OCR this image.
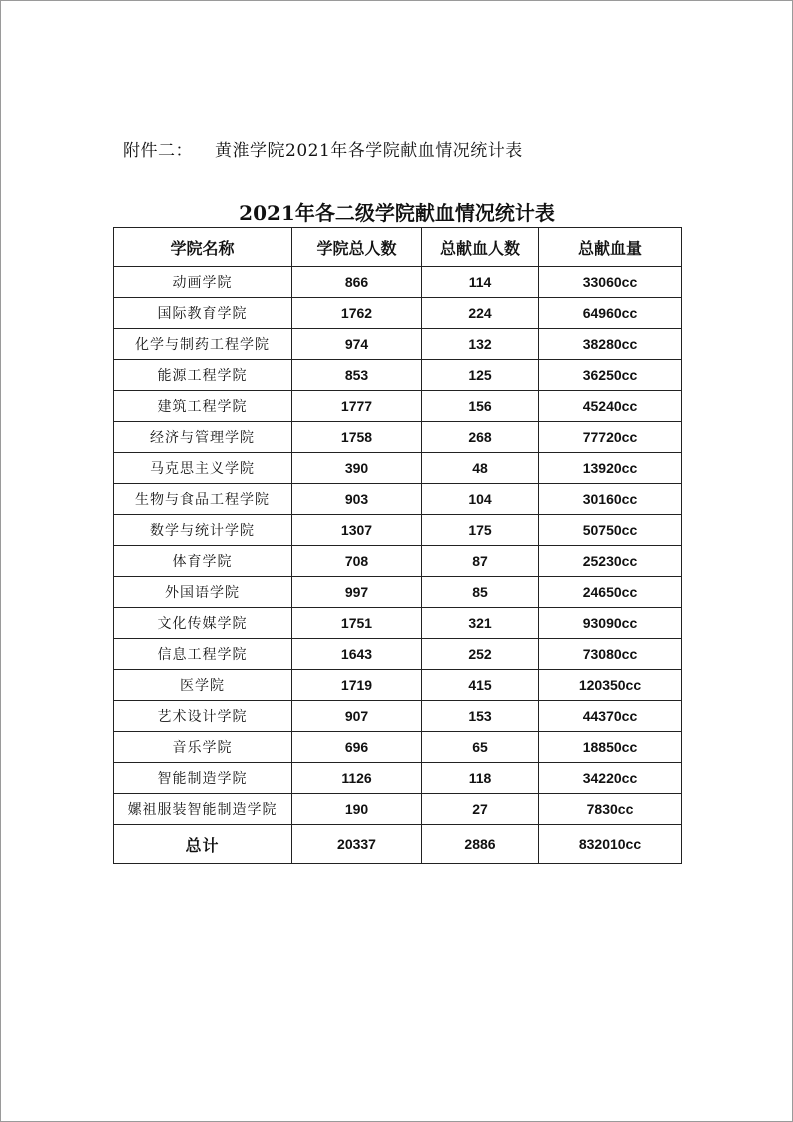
附件二： 黄淮学院2021年各学院献血情况统计表
2021年各二级学院献血情况统计表
学院名称	学院总人数	总献血人数	总献血量
动画学院	866	114	33060cc
国际教育学院	1762	224	64960cc
化学与制药工程学院	974	132	38280cc
能源工程学院	853	125	36250cc
建筑工程学院	1777	156	45240cc
经济与管理学院	1758	268	77720cc
马克思主义学院	390	48	13920cc
生物与食品工程学院	903	104	30160cc
数学与统计学院	1307	175	50750cc
体育学院	708	87	25230cc
外国语学院	997	85	24650cc
文化传媒学院	1751	321	93090cc
信息工程学院	1643	252	73080cc
医学院	1719	415	120350cc
艺术设计学院	907	153	44370cc
音乐学院	696	65	18850cc
智能制造学院	1126	118	34220cc
嫘祖服装智能制造学院	190	27	7830cc
总计	20337	2886	832010cc
